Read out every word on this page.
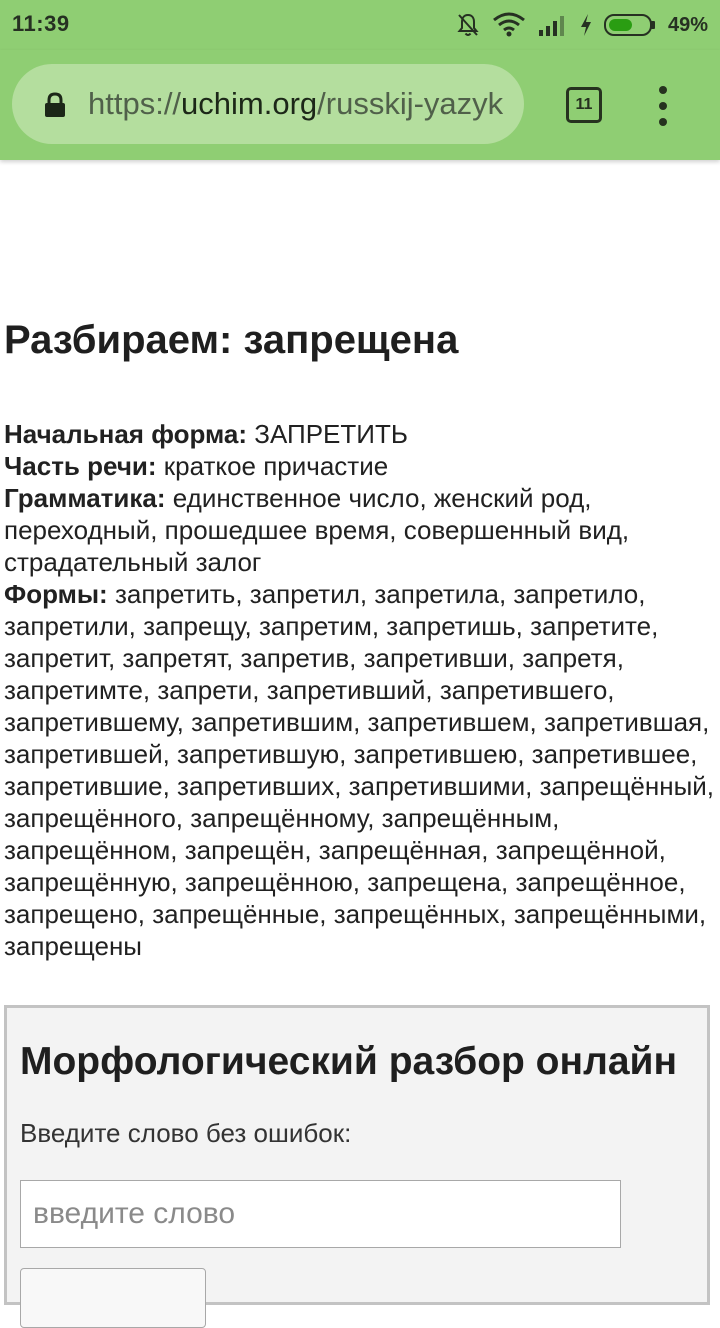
Разбираем: запрещена

Начальная форма: ЗАПРЕТИТЬ

Часть речи: краткое причастие

Грамматика: единственное число, женский род, переходный, прошедшее время, совершенный вид, страдательный залог

Формы: запретить, запретил, запретила, запретило, запретили, запрещу, запретим, запретишь, запретите, запретит, запретят, запретив, запретивши, запретя, запретимте, запрети, запретивший, запретившего, запретившему, запретившим, запретившем, запретившая, запретившей, запретившую, запретившею, запретившее, запретившие, запретивших, запретившими, запрещённый, запрещённого, запрещённому, запрещённым, запрещённом, запрещён, запрещённая, запрещённой, запрещённую, запрещённою, запрещена, запрещённое, запрещено, запрещённые, запрещённых, запрещёнными, запрещены

Морфологический разбор онлайн
Введите слово без ошибок:
введите слово
11:39	49%
https://uchim.org/russkij-yazyk	11
